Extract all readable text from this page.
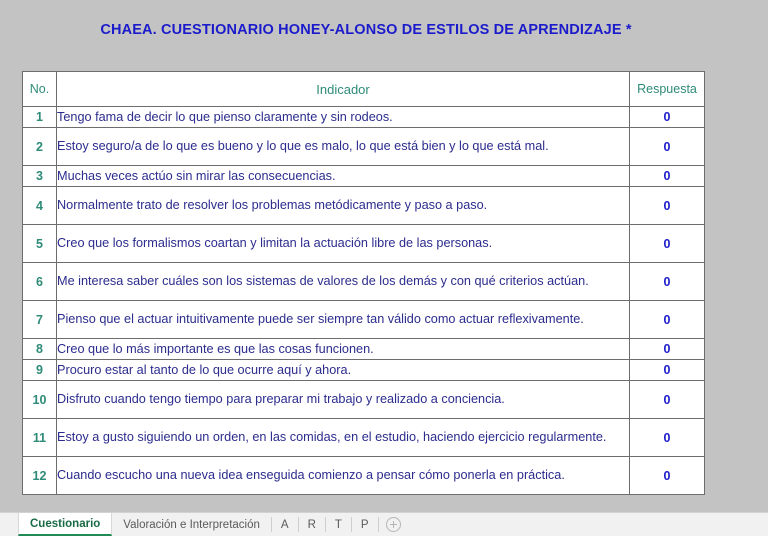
CHAEA. CUESTIONARIO HONEY-ALONSO DE ESTILOS DE APRENDIZAJE *
No.	Indicador	Respuesta
1	Tengo fama de decir lo que pienso claramente y sin rodeos.	0
2	Estoy seguro/a de lo que es bueno y lo que es malo, lo que está bien y lo que está mal.	0
3	Muchas veces actúo sin mirar las consecuencias.	0
4	Normalmente trato de resolver los problemas metódicamente y paso a paso.	0
5	Creo que los formalismos coartan y limitan la actuación libre de las personas.	0
6	Me interesa saber cuáles son los sistemas de valores de los demás y con qué criterios actúan.	0
7	Pienso que el actuar intuitivamente puede ser siempre tan válido como actuar reflexivamente.	0
8	Creo que lo más importante es que las cosas funcionen.	0
9	Procuro estar al tanto de lo que ocurre aquí y ahora.	0
10	Disfruto cuando tengo tiempo para preparar mi trabajo y realizado a conciencia.	0
11	Estoy a gusto siguiendo un orden, en las comidas, en el estudio, haciendo ejercicio regularmente.	0
12	Cuando escucho una nueva idea enseguida comienzo a pensar cómo ponerla en práctica.	0
Cuestionario Valoración e Interpretación A R T P
